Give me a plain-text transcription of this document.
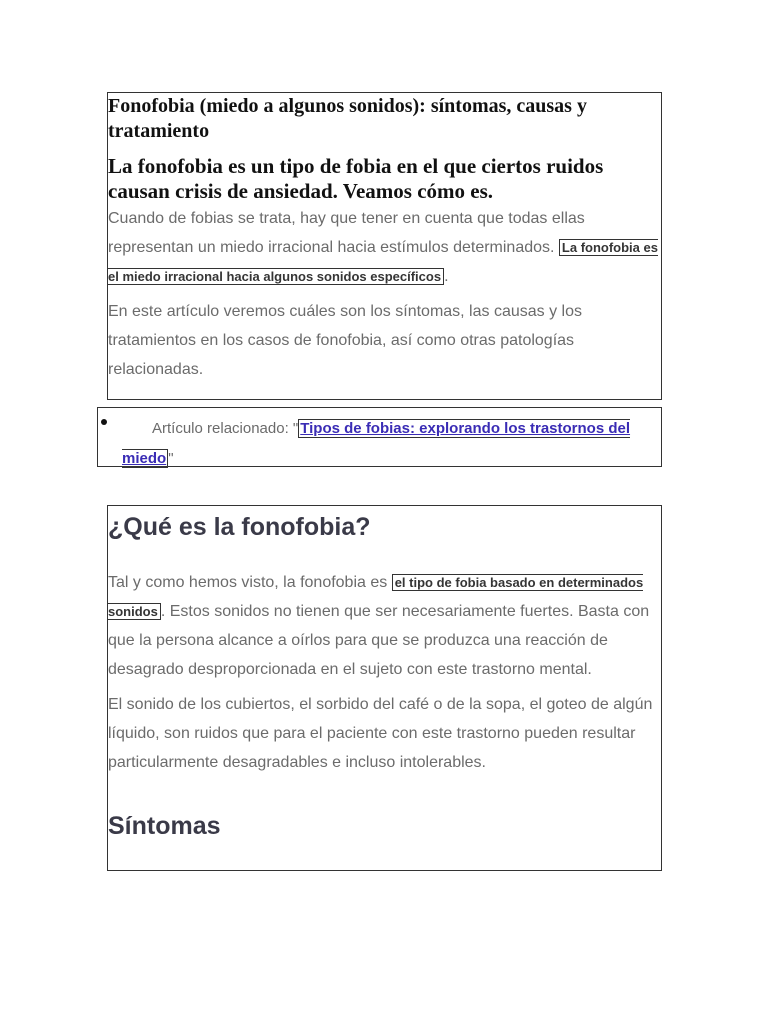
Fonofobia (miedo a algunos sonidos): síntomas, causas y tratamiento
La fonofobia es un tipo de fobia en el que ciertos ruidos causan crisis de ansiedad. Veamos cómo es.

Cuando de fobias se trata, hay que tener en cuenta que todas ellas representan un miedo irracional hacia estímulos determinados. La fonofobia es el miedo irracional hacia algunos sonidos específicos .

En este artículo veremos cuáles son los síntomas, las causas y los tratamientos en los casos de fonofobia, así como otras patologías relacionadas.

Artículo relacionado: " Tipos de fobias: explorando los trastornos del miedo "
¿Qué es la fonofobia?

Tal y como hemos visto, la fonofobia es el tipo de fobia basado en determinados sonidos . Estos sonidos no tienen que ser necesariamente fuertes. Basta con que la persona alcance a oírlos para que se produzca una reacción de desagrado desproporcionada en el sujeto con este trastorno mental.

El sonido de los cubiertos, el sorbido del café o de la sopa, el goteo de algún líquido, son ruidos que para el paciente con este trastorno pueden resultar particularmente desagradables e incluso intolerables.

Síntomas
